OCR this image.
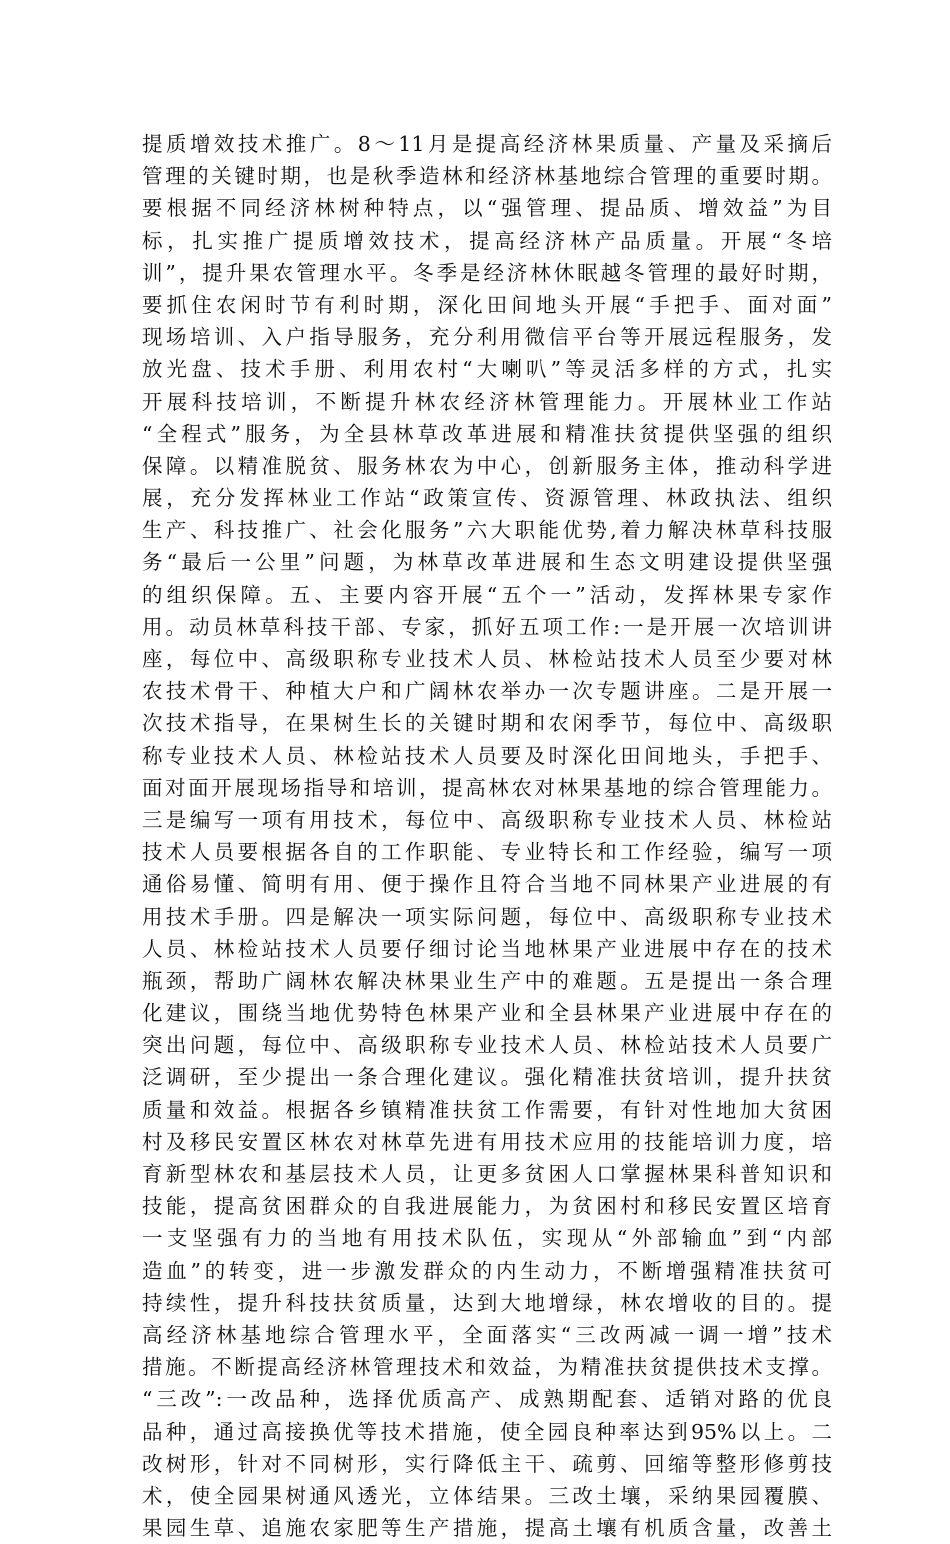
提质增效技术推广。8～11月是提高经济林果质量、产量及采摘后
管理的关键时期，也是秋季造林和经济林基地综合管理的重要时期。
要根据不同经济林树种特点，以“强管理、提品质、增效益”为目
标，扎实推广提质增效技术，提高经济林产品质量。开展“冬培
训”，提升果农管理水平。冬季是经济林休眠越冬管理的最好时期，
要抓住农闲时节有利时期，深化田间地头开展“手把手、面对面”
现场培训、入户指导服务，充分利用微信平台等开展远程服务，发
放光盘、技术手册、利用农村“大喇叭”等灵活多样的方式，扎实
开展科技培训，不断提升林农经济林管理能力。开展林业工作站
“全程式”服务，为全县林草改革进展和精准扶贫提供坚强的组织
保障。以精准脱贫、服务林农为中心，创新服务主体，推动科学进
展，充分发挥林业工作站“政策宣传、资源管理、林政执法、组织
生产、科技推广、社会化服务”六大职能优势,着力解决林草科技服
务“最后一公里”问题，为林草改革进展和生态文明建设提供坚强
的组织保障。五、主要内容开展“五个一”活动，发挥林果专家作
用。动员林草科技干部、专家，抓好五项工作:一是开展一次培训讲
座，每位中、高级职称专业技术人员、林检站技术人员至少要对林
农技术骨干、种植大户和广阔林农举办一次专题讲座。二是开展一
次技术指导，在果树生长的关键时期和农闲季节，每位中、高级职
称专业技术人员、林检站技术人员要及时深化田间地头，手把手、
面对面开展现场指导和培训，提高林农对林果基地的综合管理能力。
三是编写一项有用技术，每位中、高级职称专业技术人员、林检站
技术人员要根据各自的工作职能、专业特长和工作经验，编写一项
通俗易懂、简明有用、便于操作且符合当地不同林果产业进展的有
用技术手册。四是解决一项实际问题，每位中、高级职称专业技术
人员、林检站技术人员要仔细讨论当地林果产业进展中存在的技术
瓶颈，帮助广阔林农解决林果业生产中的难题。五是提出一条合理
化建议，围绕当地优势特色林果产业和全县林果产业进展中存在的
突出问题，每位中、高级职称专业技术人员、林检站技术人员要广
泛调研，至少提出一条合理化建议。强化精准扶贫培训，提升扶贫
质量和效益。根据各乡镇精准扶贫工作需要，有针对性地加大贫困
村及移民安置区林农对林草先进有用技术应用的技能培训力度，培
育新型林农和基层技术人员，让更多贫困人口掌握林果科普知识和
技能，提高贫困群众的自我进展能力，为贫困村和移民安置区培育
一支坚强有力的当地有用技术队伍，实现从“外部输血”到“内部
造血”的转变，进一步激发群众的内生动力，不断增强精准扶贫可
持续性，提升科技扶贫质量，达到大地增绿，林农增收的目的。提
高经济林基地综合管理水平，全面落实“三改两减一调一增”技术
措施。不断提高经济林管理技术和效益，为精准扶贫提供技术支撑。
“三改”:一改品种，选择优质高产、成熟期配套、适销对路的优良
品种，通过高接换优等技术措施，使全园良种率达到95%以上。二
改树形，针对不同树形，实行降低主干、疏剪、回缩等整形修剪技
术，使全园果树通风透光，立体结果。三改土壤，采纳果园覆膜、
果园生草、追施农家肥等生产措施，提高土壤有机质含量，改善土
